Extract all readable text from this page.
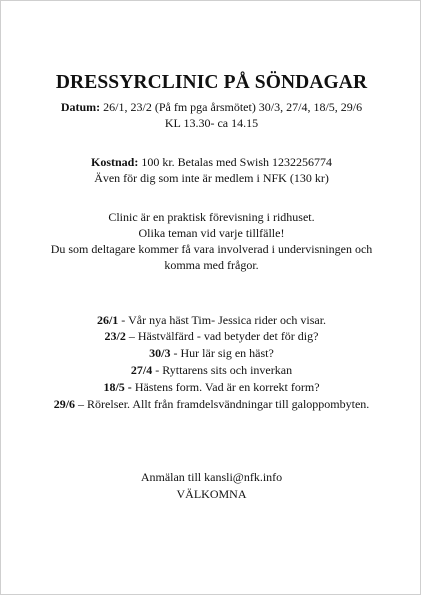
DRESSYRCLINIC PÅ SÖNDAGAR
Datum: 26/1, 23/2 (På fm pga årsmötet) 30/3, 27/4, 18/5, 29/6
KL 13.30- ca 14.15
Kostnad: 100 kr. Betalas med Swish 1232256774
Även för dig som inte är medlem i NFK (130 kr)
Clinic är en praktisk förevisning i ridhuset.
Olika teman vid varje tillfälle!
Du som deltagare kommer få vara involverad i undervisningen och
komma med frågor.
26/1 - Vår nya häst Tim- Jessica rider och visar.
23/2 – Hästvälfärd - vad betyder det för dig?
30/3 - Hur lär sig en häst?
27/4 - Ryttarens sits och inverkan
18/5 - Hästens form. Vad är en korrekt form?
29/6 – Rörelser. Allt från framdelsvändningar till galoppombyten.
Anmälan till kansli@nfk.info
VÄLKOMNA
